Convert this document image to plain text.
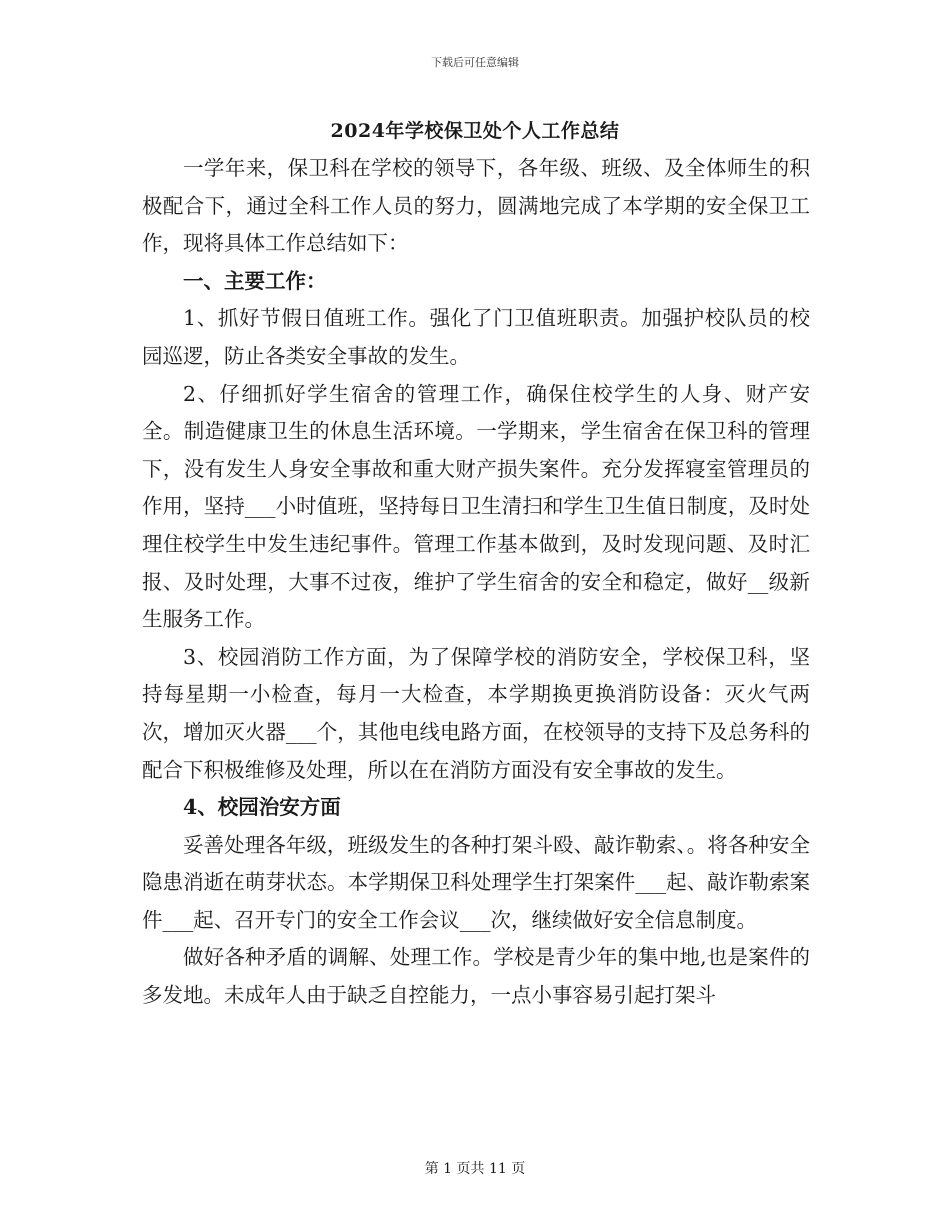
下载后可任意编辑
2024年学校保卫处个人工作总结

一学年来，保卫科在学校的领导下，各年级、班级、及全体师生的积极配合下，通过全科工作人员的努力，圆满地完成了本学期的安全保卫工作，现将具体工作总结如下：

一、主要工作：

1、抓好节假日值班工作。强化了门卫值班职责。加强护校队员的校园巡逻，防止各类安全事故的发生。

2、仔细抓好学生宿舍的管理工作，确保住校学生的人身、财产安全。制造健康卫生的休息生活环境。一学期来，学生宿舍在保卫科的管理下，没有发生人身安全事故和重大财产损失案件。充分发挥寝室管理员的作用，坚持___小时值班，坚持每日卫生清扫和学生卫生值日制度，及时处理住校学生中发生违纪事件。管理工作基本做到，及时发现问题、及时汇报、及时处理，大事不过夜，维护了学生宿舍的安全和稳定，做好__级新生服务工作。

3、校园消防工作方面，为了保障学校的消防安全，学校保卫科，坚持每星期一小检查，每月一大检查，本学期换更换消防设备：灭火气两次，增加灭火器___个，其他电线电路方面，在校领导的支持下及总务科的配合下积极维修及处理，所以在在消防方面没有安全事故的发生。

4、校园治安方面

妥善处理各年级，班级发生的各种打架斗殴、敲诈勒索、。将各种安全隐患消逝在萌芽状态。本学期保卫科处理学生打架案件___起、敲诈勒索案件___起、召开专门的安全工作会议___次，继续做好安全信息制度。

做好各种矛盾的调解、处理工作。学校是青少年的集中地,也是案件的多发地。未成年人由于缺乏自控能力，一点小事容易引起打架斗

第 1 页共 11 页
